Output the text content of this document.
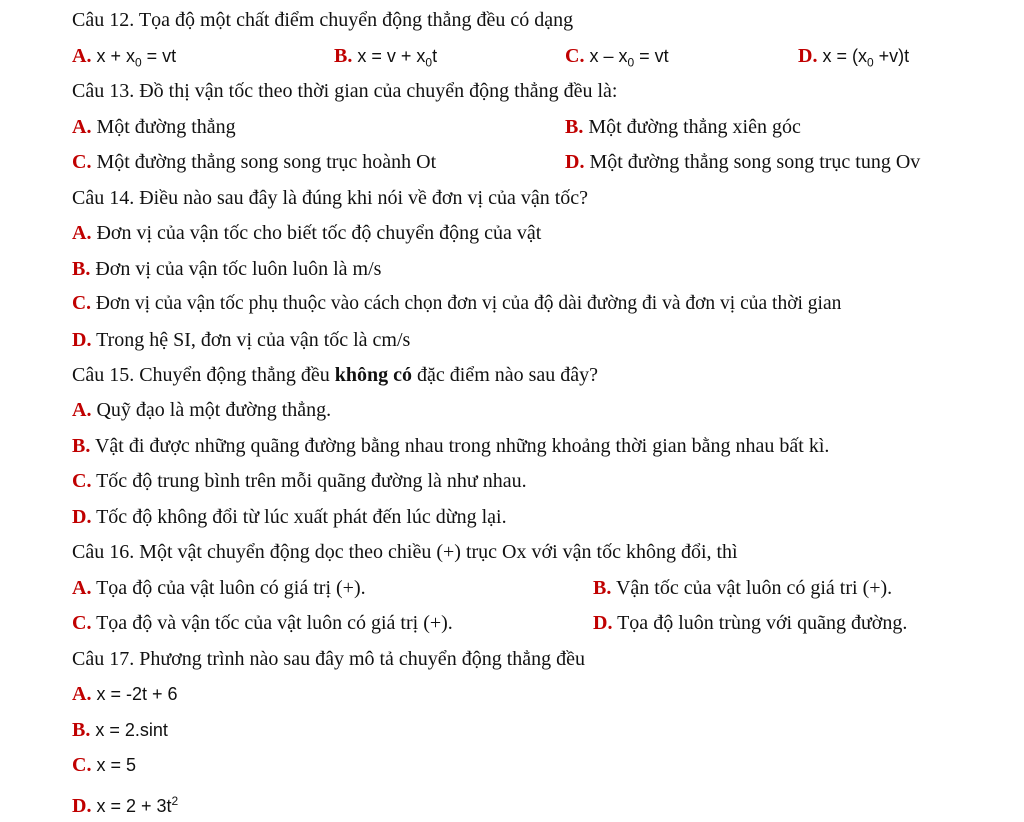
Câu 12. Tọa độ một chất điểm chuyển động thẳng đều có dạng
A. $x + x_0$ = vt	B. $x = v + x_0t$	C. x – $x_0$ = vt	D. $x = (x_0 +v)t$
Câu 13. Đồ thị vận tốc theo thời gian của chuyển động thẳng đều là:
A. Một đường thẳng	B. Một đường thẳng xiên góc
C. Một đường thẳng song song trục hoành Ot	D. Một đường thẳng song song trục tung Ov
Câu 14. Điều nào sau đây là đúng khi nói về đơn vị của vận tốc?
A. Đơn vị của vận tốc cho biết tốc độ chuyển động của vật
B. Đơn vị của vận tốc luôn luôn là m/s
C. Đơn vị của vận tốc phụ thuộc vào cách chọn đơn vị của độ dài đường đi và đơn vị của thời gian
D. Trong hệ SI, đơn vị của vận tốc là cm/s
Câu 15. Chuyển động thẳng đều không có đặc điểm nào sau đây?
A. Quỹ đạo là một đường thẳng.
B. Vật đi được những quãng đường bằng nhau trong những khoảng thời gian bằng nhau bất kì.
C. Tốc độ trung bình trên mỗi quãng đường là như nhau.
D. Tốc độ không đổi từ lúc xuất phát đến lúc dừng lại.
Câu 16. Một vật chuyển động dọc theo chiều (+) trục Ox với vận tốc không đổi, thì
A. Tọa độ của vật luôn có giá trị (+).	B. Vận tốc của vật luôn có giá tri (+).
C. Tọa độ và vận tốc của vật luôn có giá trị (+).	D. Tọa độ luôn trùng với quãng đường.
Câu 17. Phương trình nào sau đây mô tả chuyển động thẳng đều
A. x = -2t + 6
B. x = 2.sint
C. x = 5
D. $x = 2 + 3t^2$
